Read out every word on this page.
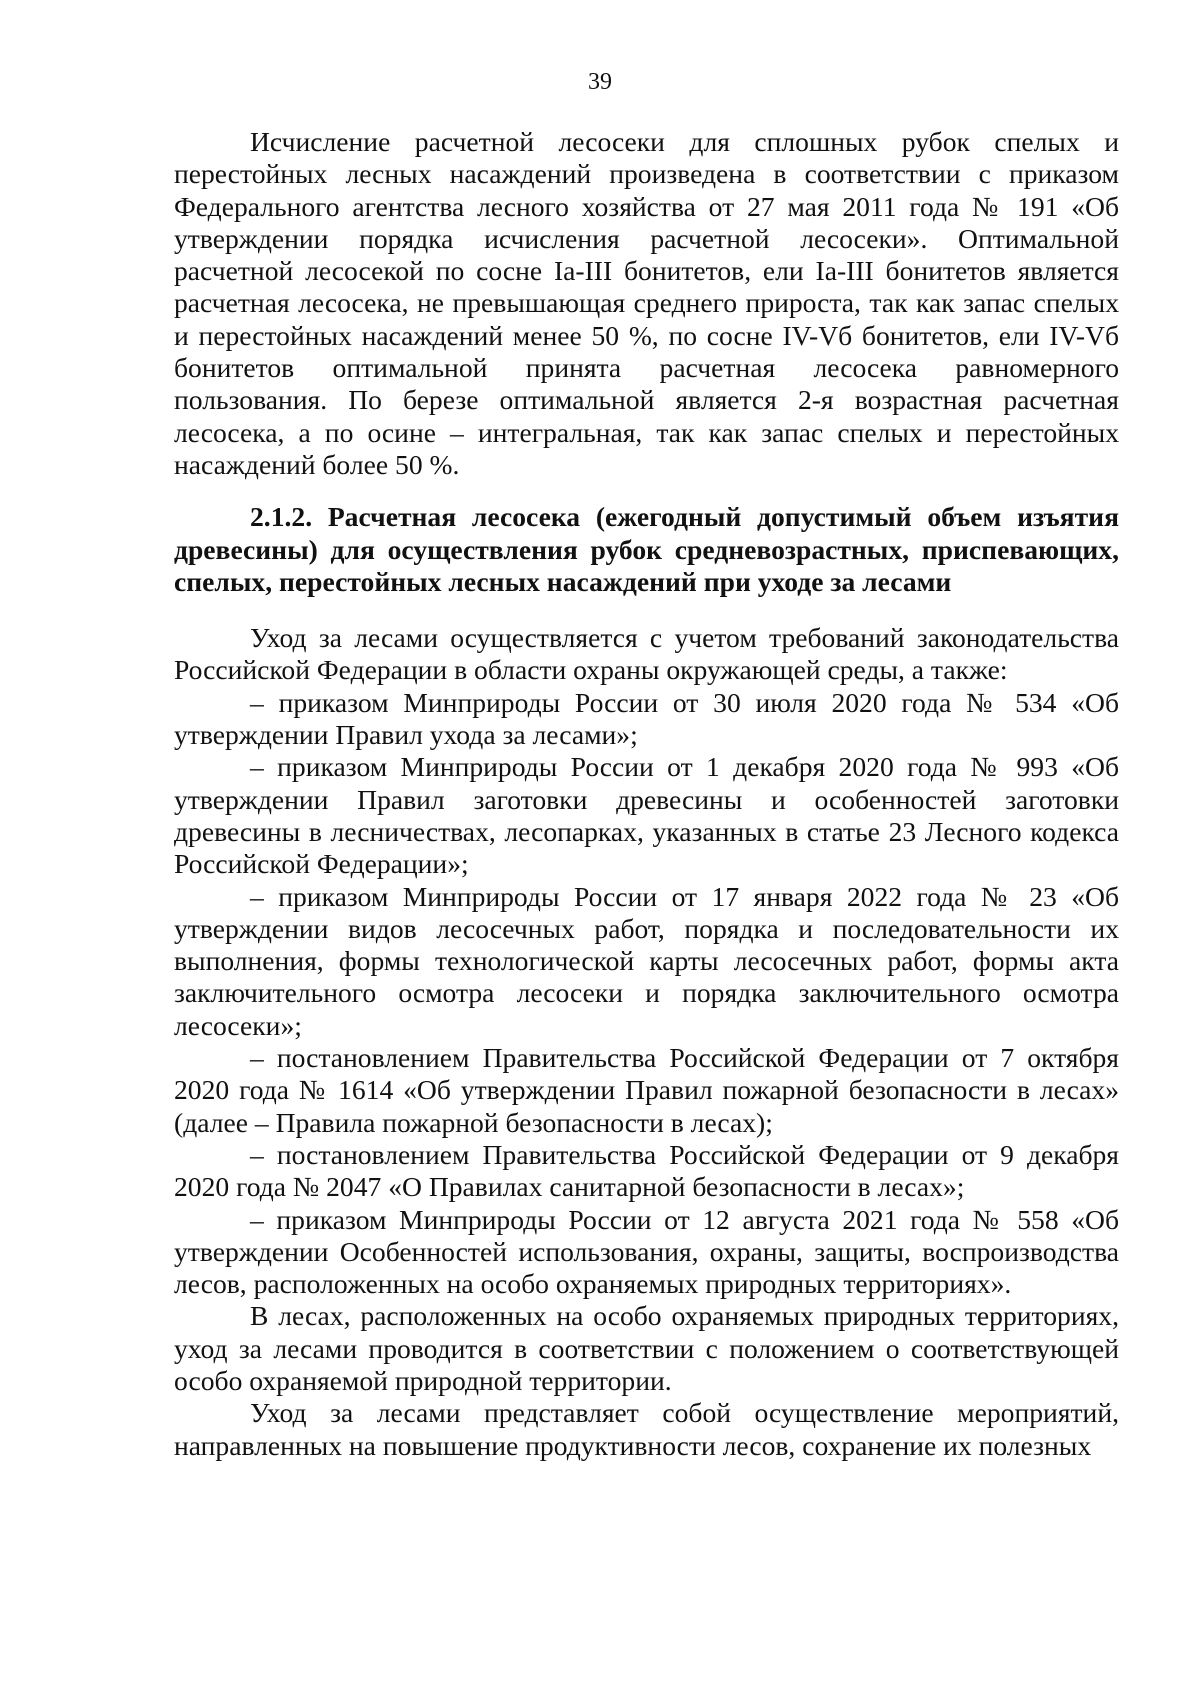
39

Исчисление расчетной лесосеки для сплошных рубок спелых и перестойных лесных насаждений произведена в соответствии с приказом Федерального агентства лесного хозяйства от 27 мая 2011 года № 191 «Об утверждении порядка исчисления расчетной лесосеки». Оптимальной расчетной лесосекой по сосне Ia-III бонитетов, ели Ia-III бонитетов является расчетная лесосека, не превышающая среднего прироста, так как запас спелых и перестойных насаждений менее 50 %, по сосне IV-Vб бонитетов, ели IV-Vб бонитетов оптимальной принята расчетная лесосека равномерного пользования. По березе оптимальной является 2-я возрастная расчетная лесосека, а по осине – интегральная, так как запас спелых и перестойных насаждений более 50 %.

2.1.2. Расчетная лесосека (ежегодный допустимый объем изъятия древесины) для осуществления рубок средневозрастных, приспевающих, спелых, перестойных лесных насаждений при уходе за лесами

Уход за лесами осуществляется с учетом требований законодательства Российской Федерации в области охраны окружающей среды, а также:

– приказом Минприроды России от 30 июля 2020 года № 534 «Об утверждении Правил ухода за лесами»;

– приказом Минприроды России от 1 декабря 2020 года № 993 «Об утверждении Правил заготовки древесины и особенностей заготовки древесины в лесничествах, лесопарках, указанных в статье 23 Лесного кодекса Российской Федерации»;

– приказом Минприроды России от 17 января 2022 года № 23 «Об утверждении видов лесосечных работ, порядка и последовательности их выполнения, формы технологической карты лесосечных работ, формы акта заключительного осмотра лесосеки и порядка заключительного осмотра лесосеки»;

– постановлением Правительства Российской Федерации от 7 октября 2020 года № 1614 «Об утверждении Правил пожарной безопасности в лесах» (далее – Правила пожарной безопасности в лесах);

– постановлением Правительства Российской Федерации от 9 декабря 2020 года № 2047 «О Правилах санитарной безопасности в лесах»;

– приказом Минприроды России от 12 августа 2021 года № 558 «Об утверждении Особенностей использования, охраны, защиты, воспроизводства лесов, расположенных на особо охраняемых природных территориях».

В лесах, расположенных на особо охраняемых природных территориях, уход за лесами проводится в соответствии с положением о соответствующей особо охраняемой природной территории.

Уход за лесами представляет собой осуществление мероприятий, направленных на повышение продуктивности лесов, сохранение их полезных
